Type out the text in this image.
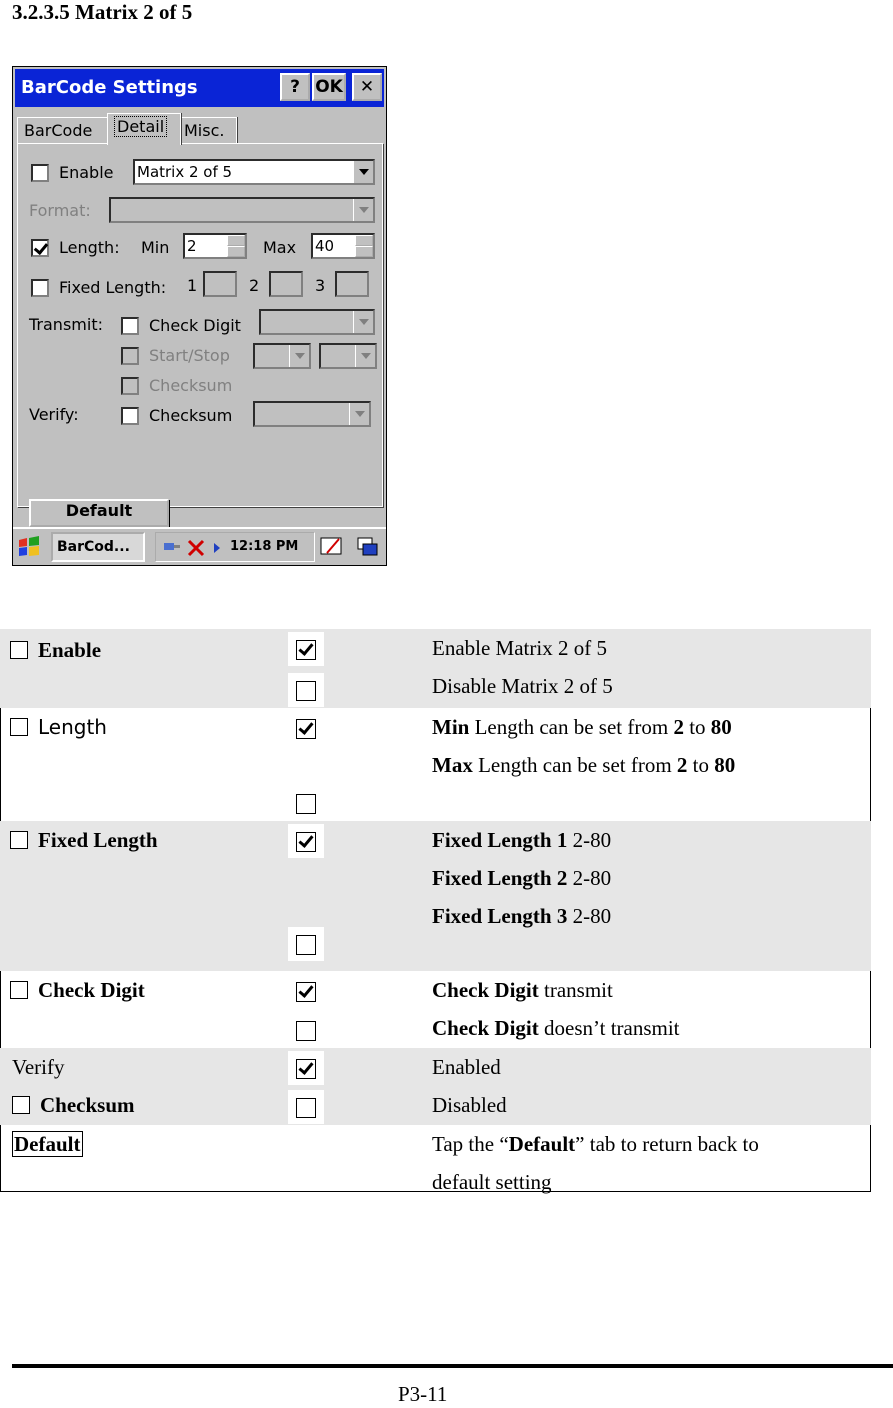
3.2.3.5 Matrix 2 of 5
BarCode Settings	? OK	✕
BarCode	Detail	Misc.
Enable Matrix 2 of 5
Format:
Length: Min 2	Max 40
Fixed Length: 1	2	3
Transmit:	Check Digit
Start/Stop
Checksum
Verify:	Checksum
Default
BarCod...	12:18 PM
Enable		Enable Matrix 2 of 5
Disable Matrix 2 of 5
Length		Min Length can be set from 2 to 80
Max Length can be set from 2 to 80
Fixed Length		Fixed Length 1 2-80
Fixed Length 2 2-80
Fixed Length 3 2-80
Check Digit		Check Digit transmit
Check Digit doesn’t transmit
Verify
Checksum		Enabled
Disabled
Default		Tap the “Default” tab to return back to
default setting
P3-11
